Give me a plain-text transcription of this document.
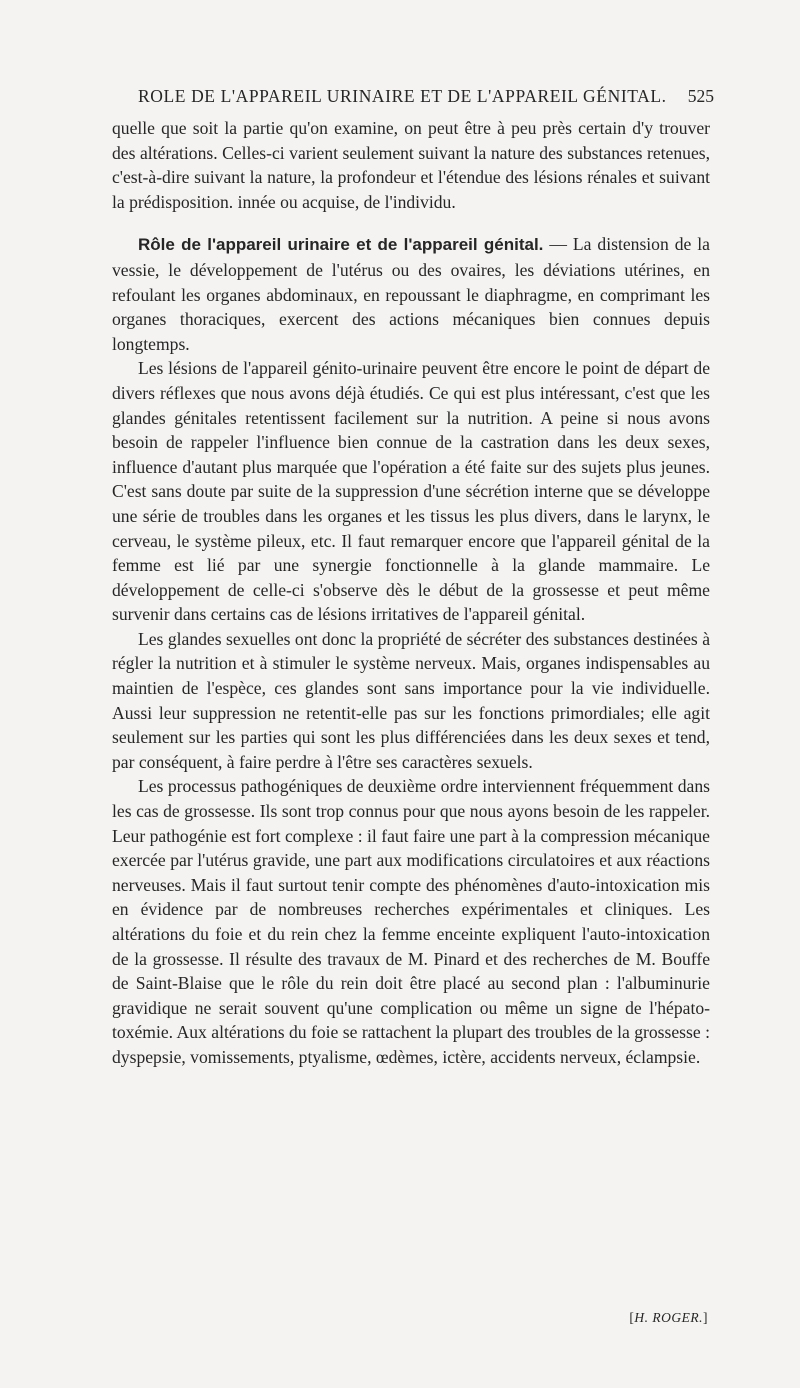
ROLE DE L'APPAREIL URINAIRE ET DE L'APPAREIL GÉNITAL. 525

quelle que soit la partie qu'on examine, on peut être à peu près certain d'y trouver des altérations. Celles-ci varient seulement suivant la nature des substances retenues, c'est-à-dire suivant la nature, la profondeur et l'étendue des lésions rénales et suivant la prédisposition. innée ou acquise, de l'individu.

Rôle de l'appareil urinaire et de l'appareil génital. — La distension de la vessie, le développement de l'utérus ou des ovaires, les déviations utérines, en refoulant les organes abdominaux, en repoussant le diaphragme, en comprimant les organes thoraciques, exercent des actions mécaniques bien connues depuis longtemps.

Les lésions de l'appareil génito-urinaire peuvent être encore le point de départ de divers réflexes que nous avons déjà étudiés. Ce qui est plus intéressant, c'est que les glandes génitales retentissent facilement sur la nutrition. A peine si nous avons besoin de rappeler l'influence bien connue de la castration dans les deux sexes, influence d'autant plus marquée que l'opération a été faite sur des sujets plus jeunes. C'est sans doute par suite de la suppression d'une sécrétion interne que se développe une série de troubles dans les organes et les tissus les plus divers, dans le larynx, le cerveau, le système pileux, etc. Il faut remarquer encore que l'appareil génital de la femme est lié par une synergie fonctionnelle à la glande mammaire. Le développement de celle-ci s'observe dès le début de la grossesse et peut même survenir dans certains cas de lésions irritatives de l'appareil génital.

Les glandes sexuelles ont donc la propriété de sécréter des substances destinées à régler la nutrition et à stimuler le système nerveux. Mais, organes indispensables au maintien de l'espèce, ces glandes sont sans importance pour la vie individuelle. Aussi leur suppression ne retentit-elle pas sur les fonctions primordiales; elle agit seulement sur les parties qui sont les plus différenciées dans les deux sexes et tend, par conséquent, à faire perdre à l'être ses caractères sexuels.

Les processus pathogéniques de deuxième ordre interviennent fréquemment dans les cas de grossesse. Ils sont trop connus pour que nous ayons besoin de les rappeler. Leur pathogénie est fort complexe : il faut faire une part à la compression mécanique exercée par l'utérus gravide, une part aux modifications circulatoires et aux réactions nerveuses. Mais il faut surtout tenir compte des phénomènes d'auto-intoxication mis en évidence par de nombreuses recherches expérimentales et cliniques. Les altérations du foie et du rein chez la femme enceinte expliquent l'auto-intoxication de la grossesse. Il résulte des travaux de M. Pinard et des recherches de M. Bouffe de Saint-Blaise que le rôle du rein doit être placé au second plan : l'albuminurie gravidique ne serait souvent qu'une complication ou même un signe de l'hépato-toxémie. Aux altérations du foie se rattachent la plupart des troubles de la grossesse : dyspepsie, vomissements, ptyalisme, œdèmes, ictère, accidents nerveux, éclampsie.

[H. ROGER.]
